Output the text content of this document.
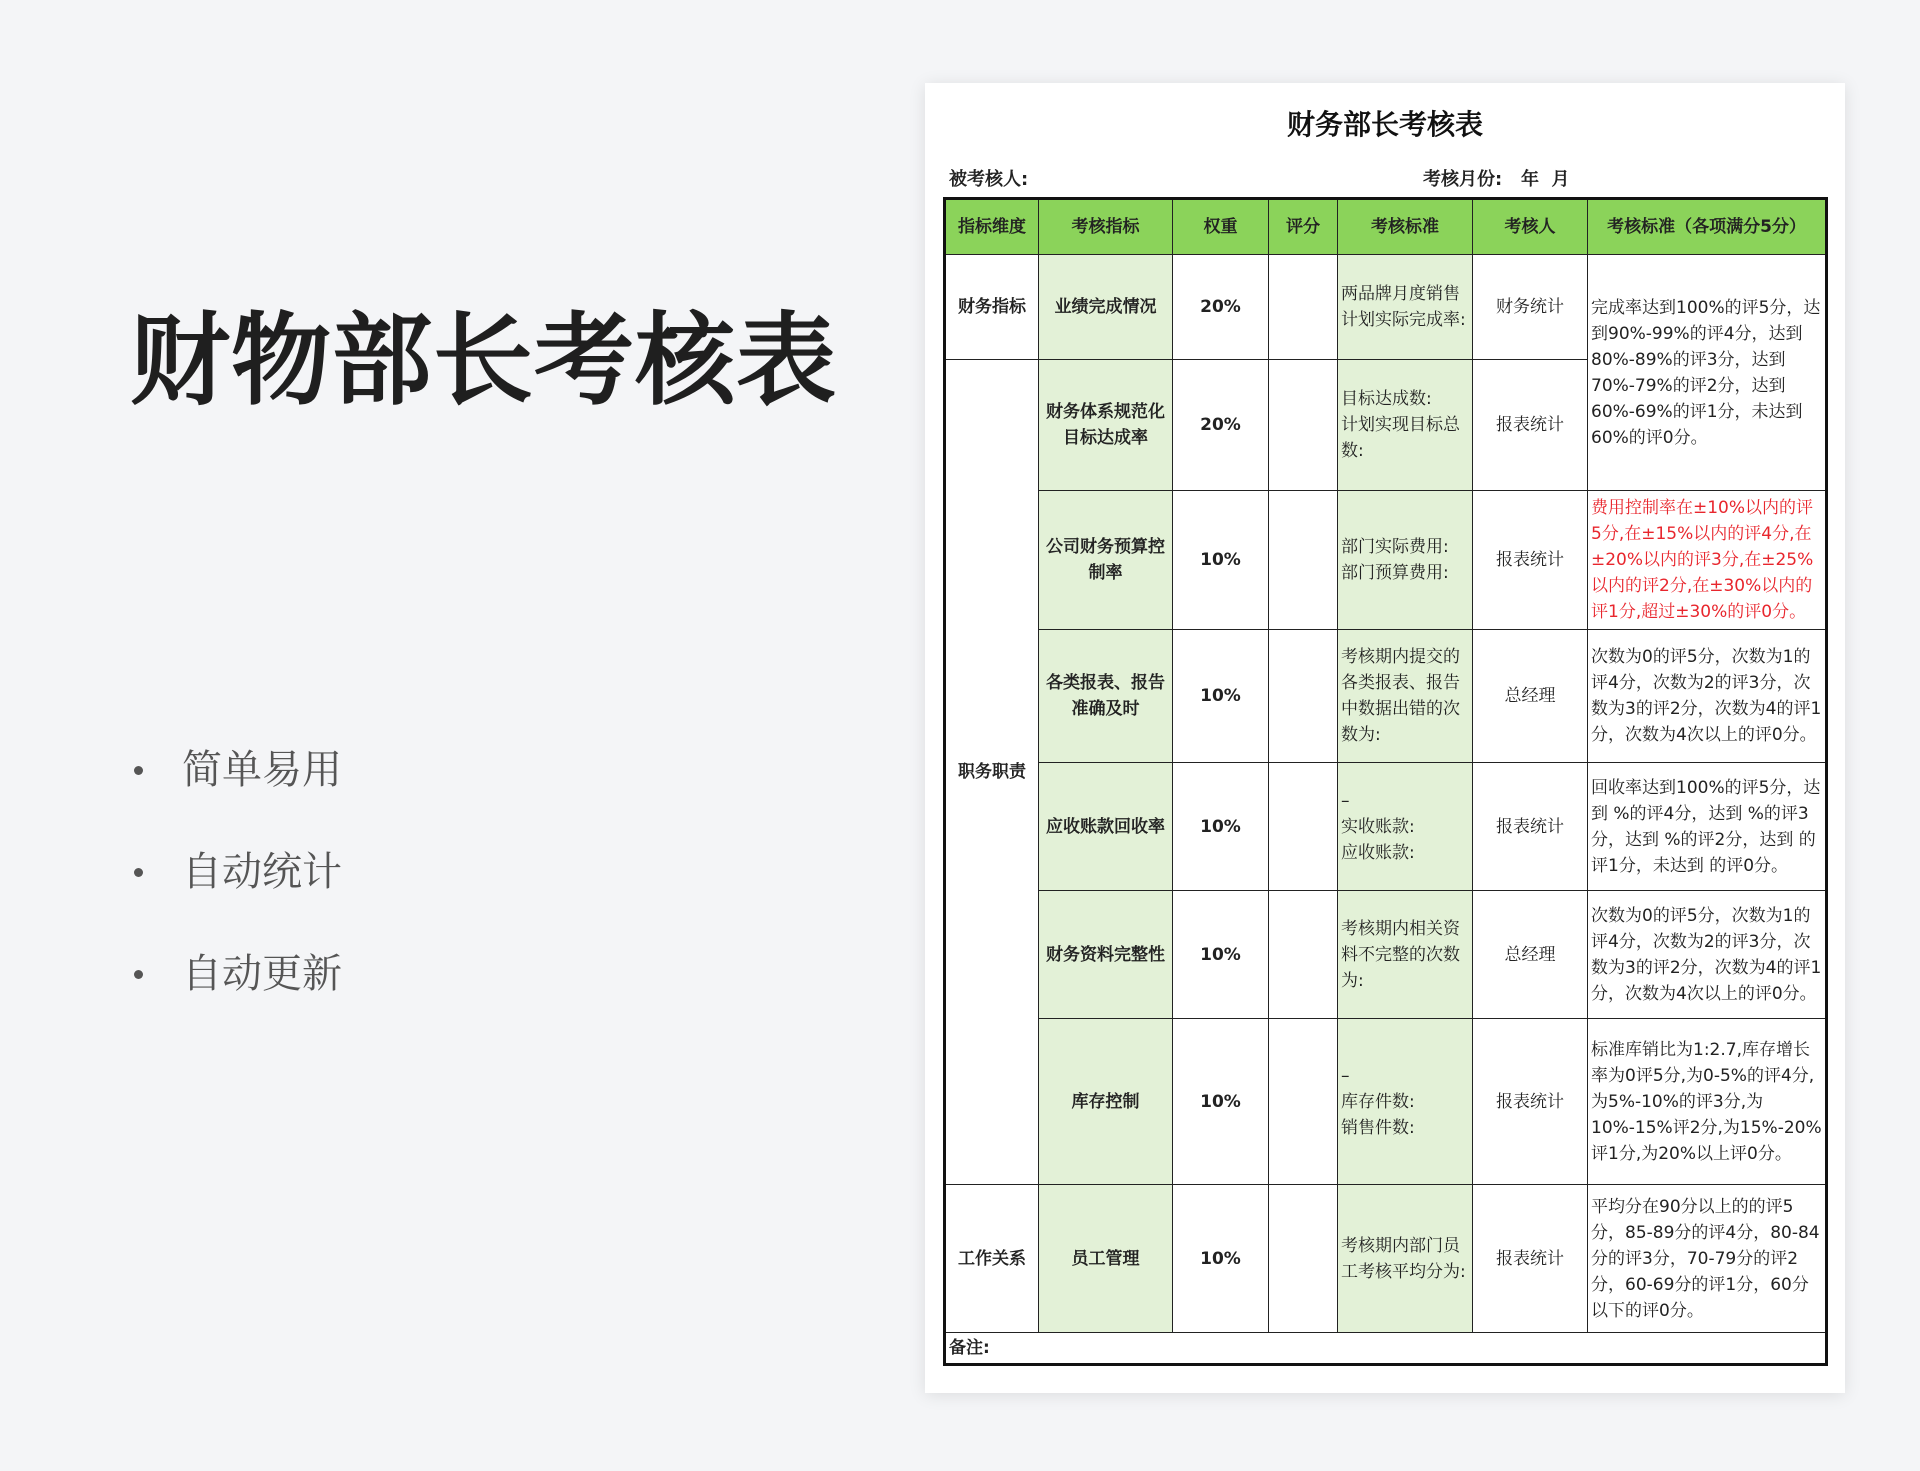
财物部长考核表
简单易用
自动统计
自动更新
财务部长考核表
被考核人:	考核月份:   年  月
指标维度	考核指标	权重	评分	考核标准	考核人	考核标准（各项满分5分）
财务指标	业绩完成情况	20%		两品牌月度销售计划实际完成率:	财务统计	完成率达到100%的评5分，达到90%-99%的评4分，达到80%-89%的评3分，达到70%-79%的评2分，达到60%-69%的评1分，未达到60%的评0分。
职务职责	财务体系规范化目标达成率	20%		目标达成数:
计划实现目标总数:	报表统计	
	公司财务预算控制率	10%		部门实际费用:
部门预算费用:	报表统计	费用控制率在±10%以内的评5分,在±15%以内的评4分,在±20%以内的评3分,在±25%以内的评2分,在±30%以内的评1分,超过±30%的评0分。
	各类报表、报告准确及时	10%		考核期内提交的各类报表、报告中数据出错的次数为:	总经理	次数为0的评5分，次数为1的评4分，次数为2的评3分，次数为3的评2分，次数为4的评1分，次数为4次以上的评0分。
	应收账款回收率	10%		–
实收账款:
应收账款:	报表统计	回收率达到100%的评5分，达到 %的评4分，达到 %的评3分，达到 %的评2分，达到 的评1分，未达到 的评0分。
	财务资料完整性	10%		考核期内相关资料不完整的次数为:	总经理	次数为0的评5分，次数为1的评4分，次数为2的评3分，次数为3的评2分，次数为4的评1分，次数为4次以上的评0分。
	库存控制	10%		–
库存件数:
销售件数:	报表统计	标准库销比为1:2.7,库存增长率为0评5分,为0-5%的评4分,为5%-10%的评3分,为10%-15%评2分,为15%-20%评1分,为20%以上评0分。
工作关系	员工管理	10%		考核期内部门员工考核平均分为:	报表统计	平均分在90分以上的的评5分，85-89分的评4分，80-84分的评3分，70-79分的评2分，60-69分的评1分，60分以下的评0分。
备注:						
